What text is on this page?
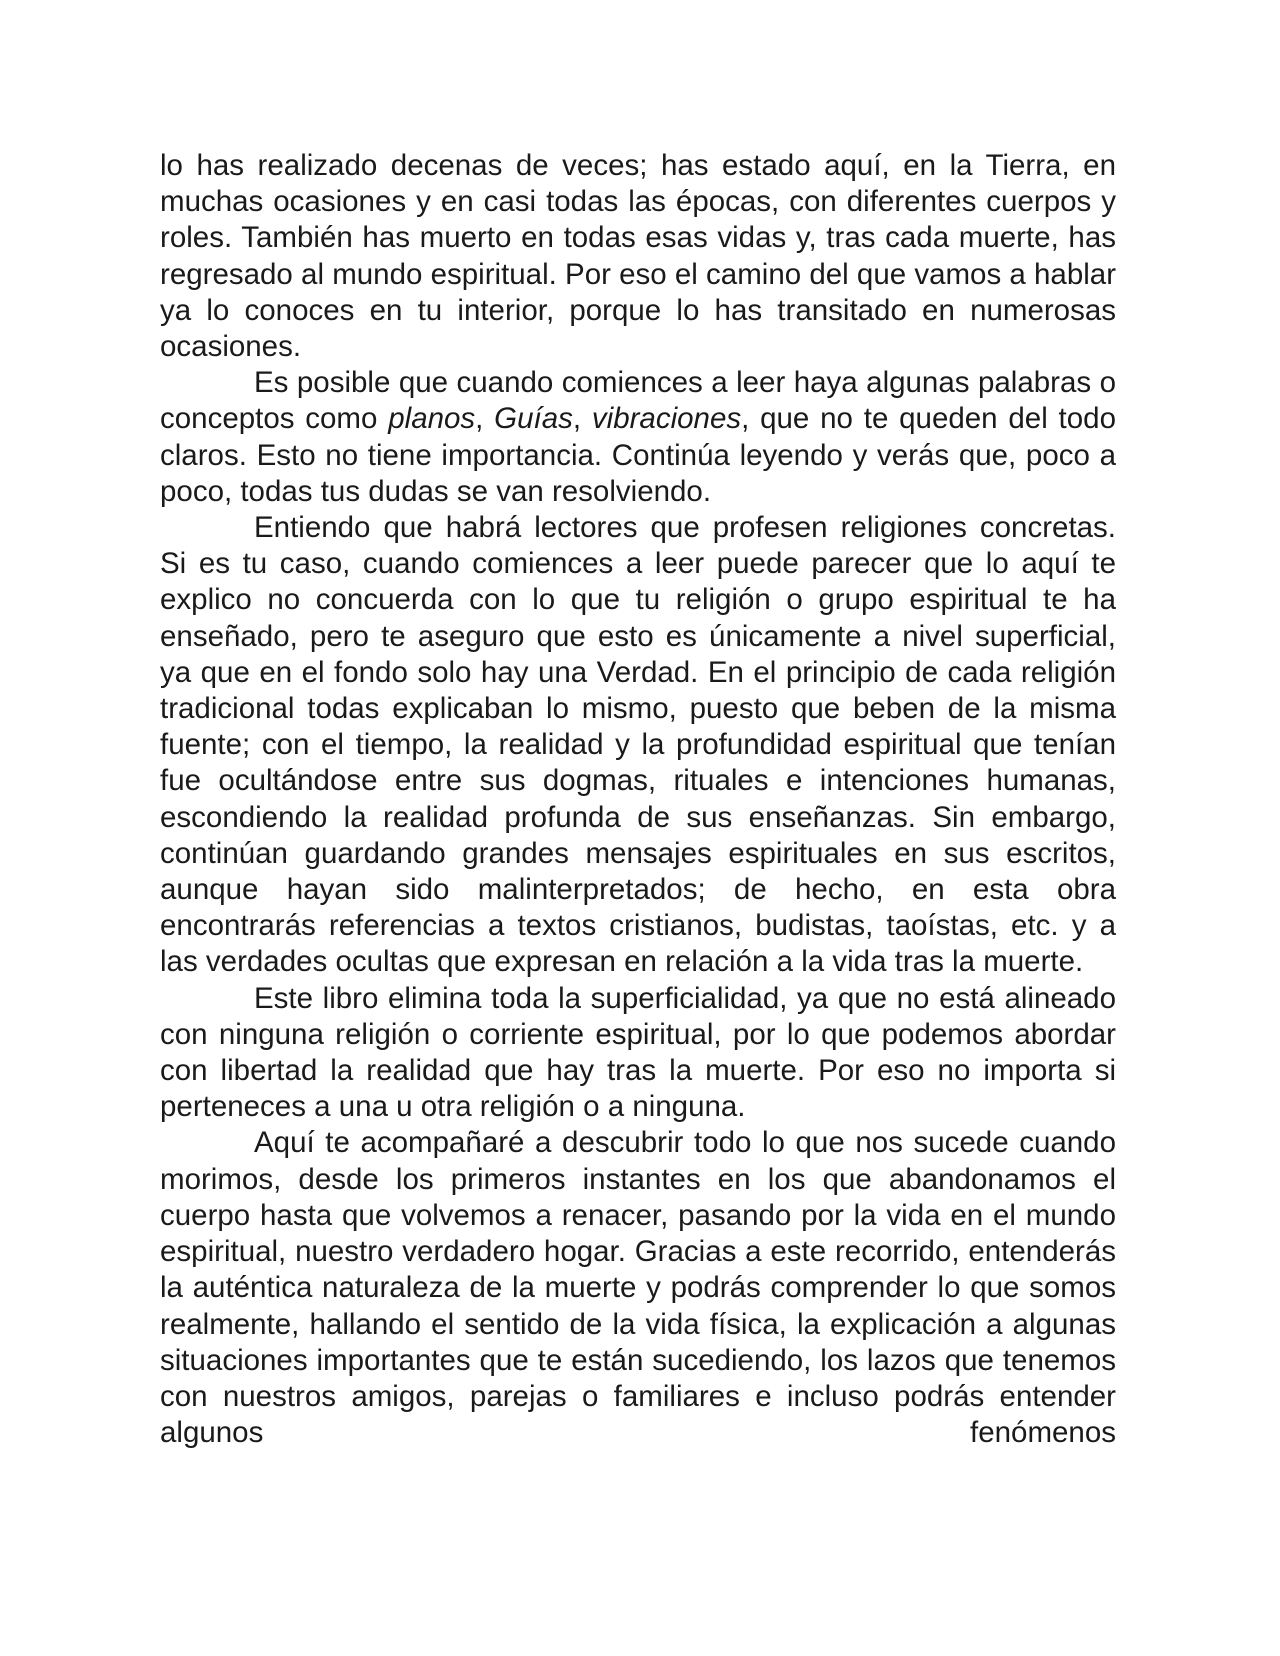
lo has realizado decenas de veces; has estado aquí, en la Tierra, en muchas ocasiones y en casi todas las épocas, con diferentes cuerpos y roles. También has muerto en todas esas vidas y, tras cada muerte, has regresado al mundo espiritual. Por eso el camino del que vamos a hablar ya lo conoces en tu interior, porque lo has transitado en numerosas ocasiones.

Es posible que cuando comiences a leer haya algunas palabras o conceptos como planos, Guías, vibraciones, que no te queden del todo claros. Esto no tiene importancia. Continúa leyendo y verás que, poco a poco, todas tus dudas se van resolviendo.

Entiendo que habrá lectores que profesen religiones concretas. Si es tu caso, cuando comiences a leer puede parecer que lo aquí te explico no concuerda con lo que tu religión o grupo espiritual te ha enseñado, pero te aseguro que esto es únicamente a nivel superficial, ya que en el fondo solo hay una Verdad. En el principio de cada religión tradicional todas explicaban lo mismo, puesto que beben de la misma fuente; con el tiempo, la realidad y la profundidad espiritual que tenían fue ocultándose entre sus dogmas, rituales e intenciones humanas, escondiendo la realidad profunda de sus enseñanzas. Sin embargo, continúan guardando grandes mensajes espirituales en sus escritos, aunque hayan sido malinterpretados; de hecho, en esta obra encontrarás referencias a textos cristianos, budistas, taoístas, etc. y a las verdades ocultas que expresan en relación a la vida tras la muerte.

Este libro elimina toda la superficialidad, ya que no está alineado con ninguna religión o corriente espiritual, por lo que podemos abordar con libertad la realidad que hay tras la muerte. Por eso no importa si perteneces a una u otra religión o a ninguna.

Aquí te acompañaré a descubrir todo lo que nos sucede cuando morimos, desde los primeros instantes en los que abandonamos el cuerpo hasta que volvemos a renacer, pasando por la vida en el mundo espiritual, nuestro verdadero hogar. Gracias a este recorrido, entenderás la auténtica naturaleza de la muerte y podrás comprender lo que somos realmente, hallando el sentido de la vida física, la explicación a algunas situaciones importantes que te están sucediendo, los lazos que tenemos con nuestros amigos, parejas o familiares e incluso podrás entender algunos fenómenos
